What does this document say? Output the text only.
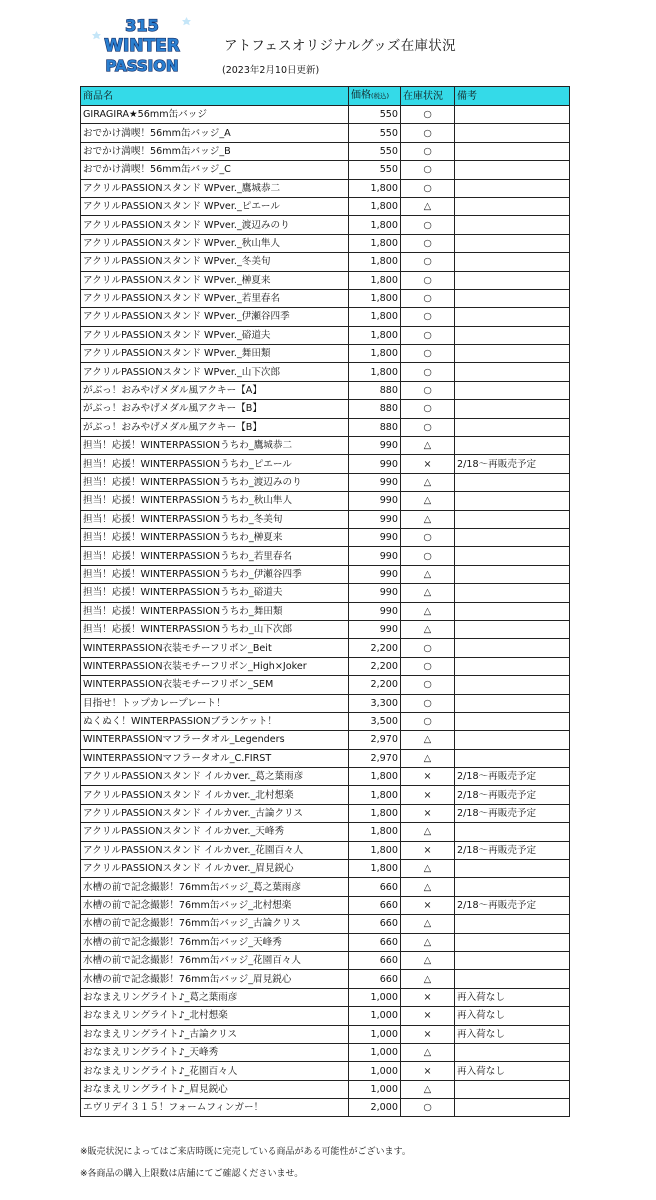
315
WINTER
PASSION
アトフェスオリジナルグッズ在庫状況
(2023年2月10日更新)
商品名	価格(税込)	在庫状況	備考
GIRAGIRA★56mm缶バッジ	550	○	
おでかけ満喫！56mm缶バッジ_A	550	○	
おでかけ満喫！56mm缶バッジ_B	550	○	
おでかけ満喫！56mm缶バッジ_C	550	○	
アクリルPASSIONスタンド WPver._鷹城恭二	1,800	○	
アクリルPASSIONスタンド WPver._ピエール	1,800	△	
アクリルPASSIONスタンド WPver._渡辺みのり	1,800	○	
アクリルPASSIONスタンド WPver._秋山隼人	1,800	○	
アクリルPASSIONスタンド WPver._冬美旬	1,800	○	
アクリルPASSIONスタンド WPver._榊夏来	1,800	○	
アクリルPASSIONスタンド WPver._若里春名	1,800	○	
アクリルPASSIONスタンド WPver._伊瀬谷四季	1,800	○	
アクリルPASSIONスタンド WPver._硲道夫	1,800	○	
アクリルPASSIONスタンド WPver._舞田類	1,800	○	
アクリルPASSIONスタンド WPver._山下次郎	1,800	○	
がぶっ！おみやげメダル風アクキー【A】	880	○	
がぶっ！おみやげメダル風アクキー【B】	880	○	
がぶっ！おみやげメダル風アクキー【B】	880	○	
担当！応援！WINTERPASSIONうちわ_鷹城恭二	990	△	
担当！応援！WINTERPASSIONうちわ_ピエール	990	×	2/18～再販売予定
担当！応援！WINTERPASSIONうちわ_渡辺みのり	990	△	
担当！応援！WINTERPASSIONうちわ_秋山隼人	990	△	
担当！応援！WINTERPASSIONうちわ_冬美旬	990	△	
担当！応援！WINTERPASSIONうちわ_榊夏来	990	○	
担当！応援！WINTERPASSIONうちわ_若里春名	990	○	
担当！応援！WINTERPASSIONうちわ_伊瀬谷四季	990	△	
担当！応援！WINTERPASSIONうちわ_硲道夫	990	△	
担当！応援！WINTERPASSIONうちわ_舞田類	990	△	
担当！応援！WINTERPASSIONうちわ_山下次郎	990	△	
WINTERPASSION衣装モチーフリボン_Beit	2,200	○	
WINTERPASSION衣装モチーフリボン_High×Joker	2,200	○	
WINTERPASSION衣装モチーフリボン_SEM	2,200	○	
目指せ！トップカレープレート！	3,300	○	
ぬくぬく！WINTERPASSIONブランケット！	3,500	○	
WINTERPASSIONマフラータオル_Legenders	2,970	△	
WINTERPASSIONマフラータオル_C.FIRST	2,970	△	
アクリルPASSIONスタンド イルカver._葛之葉雨彦	1,800	×	2/18～再販売予定
アクリルPASSIONスタンド イルカver._北村想楽	1,800	×	2/18～再販売予定
アクリルPASSIONスタンド イルカver._古論クリス	1,800	×	2/18～再販売予定
アクリルPASSIONスタンド イルカver._天峰秀	1,800	△	
アクリルPASSIONスタンド イルカver._花園百々人	1,800	×	2/18～再販売予定
アクリルPASSIONスタンド イルカver._眉見鋭心	1,800	△	
水槽の前で記念撮影！76mm缶バッジ_葛之葉雨彦	660	△	
水槽の前で記念撮影！76mm缶バッジ_北村想楽	660	×	2/18～再販売予定
水槽の前で記念撮影！76mm缶バッジ_古論クリス	660	△	
水槽の前で記念撮影！76mm缶バッジ_天峰秀	660	△	
水槽の前で記念撮影！76mm缶バッジ_花園百々人	660	△	
水槽の前で記念撮影！76mm缶バッジ_眉見鋭心	660	△	
おなまえリングライト♪_葛之葉雨彦	1,000	×	再入荷なし
おなまえリングライト♪_北村想楽	1,000	×	再入荷なし
おなまえリングライト♪_古論クリス	1,000	×	再入荷なし
おなまえリングライト♪_天峰秀	1,000	△	
おなまえリングライト♪_花園百々人	1,000	×	再入荷なし
おなまえリングライト♪_眉見鋭心	1,000	△	
エヴリデイ３１５！フォームフィンガー！	2,000	○	
※販売状況によってはご来店時既に完売している商品がある可能性がございます。
※各商品の購入上限数は店舗にてご確認くださいませ。
